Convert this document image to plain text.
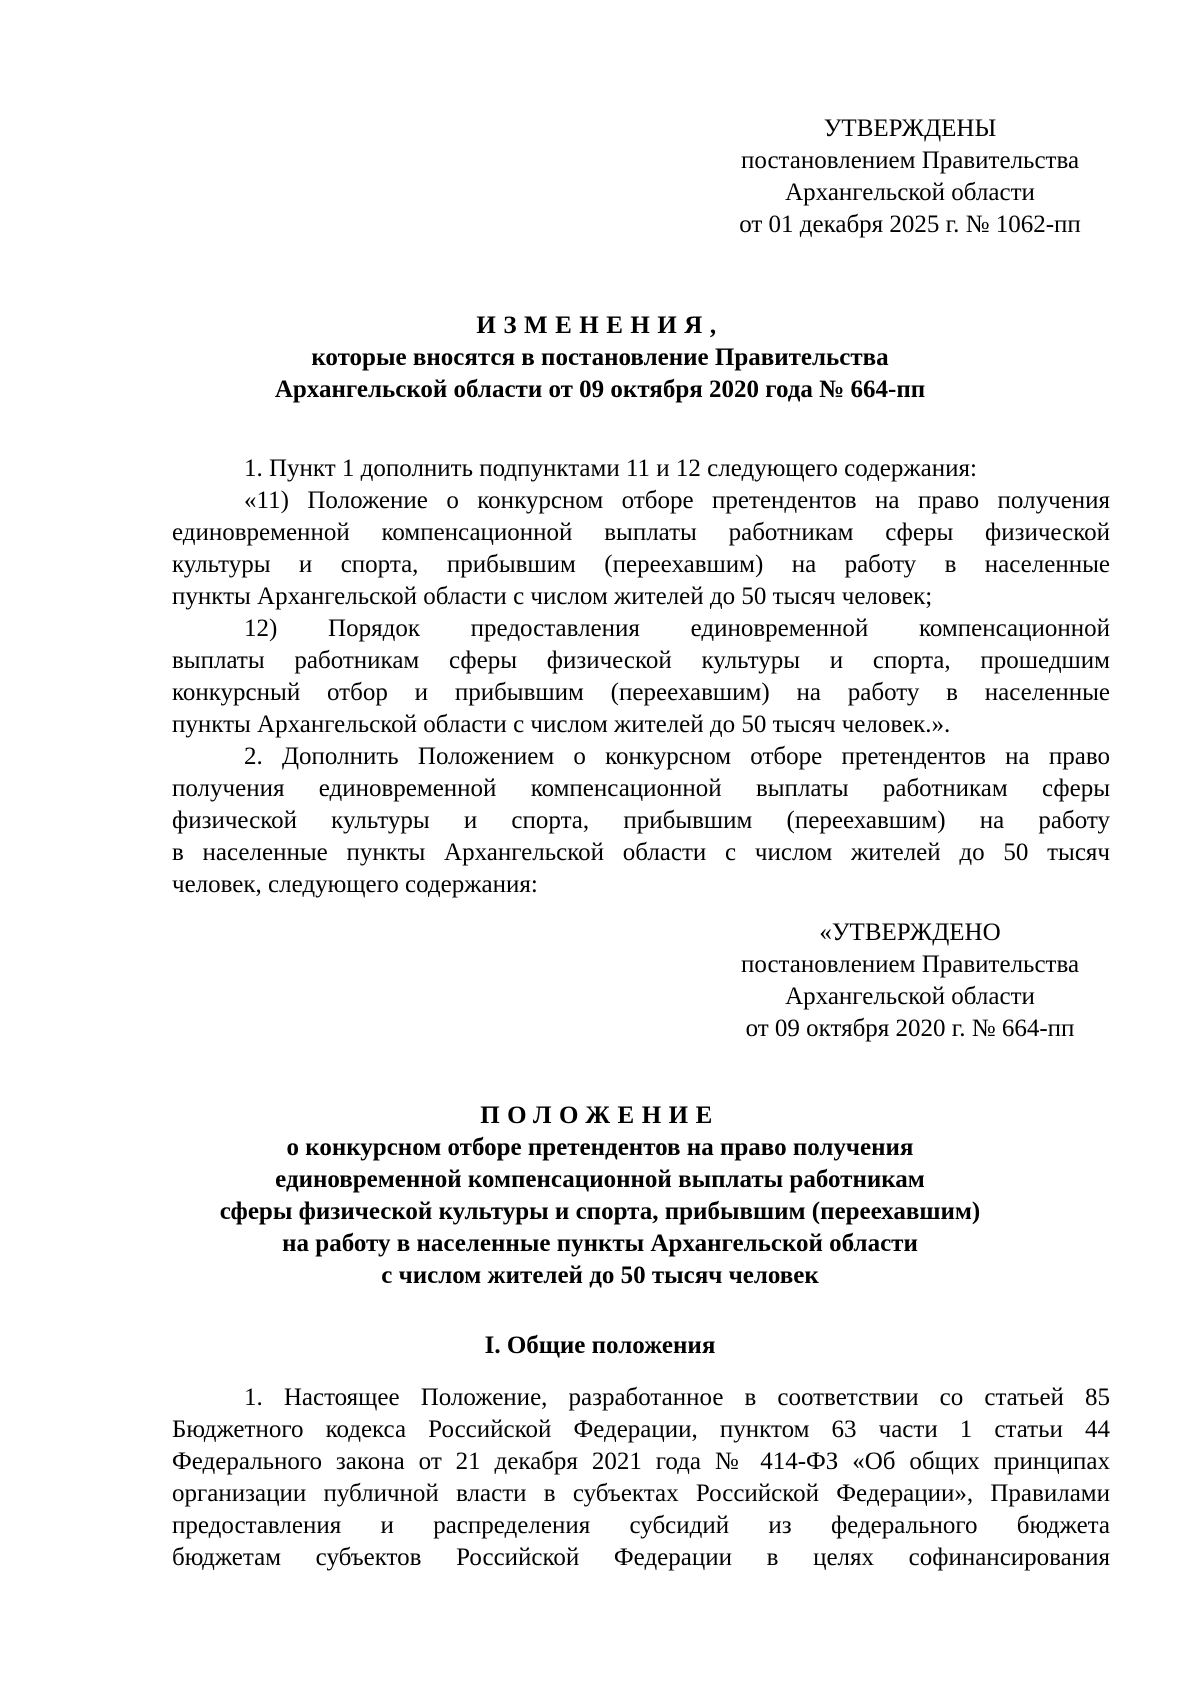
УТВЕРЖДЕНЫ
постановлением Правительства
Архангельской области
от 01 декабря 2025 г. № 1062-пп
ИЗМЕНЕНИЯ,
которые вносятся в постановление Правительства
Архангельской области от 09 октября 2020 года № 664-пп
1. Пункт 1 дополнить подпунктами 11 и 12 следующего содержания:
«11) Положение о конкурсном отборе претендентов на право получения
единовременной компенсационной выплаты работникам сферы физической
культуры и спорта, прибывшим (переехавшим) на работу в населенные
пункты Архангельской области с числом жителей до 50 тысяч человек;
12) Порядок предоставления единовременной компенсационной
выплаты работникам сферы физической культуры и спорта, прошедшим
конкурсный отбор и прибывшим (переехавшим) на работу в населенные
пункты Архангельской области с числом жителей до 50 тысяч человек.».
2. Дополнить Положением о конкурсном отборе претендентов на право
получения единовременной компенсационной выплаты работникам сферы
физической культуры и спорта, прибывшим (переехавшим) на работу
в населенные пункты Архангельской области с числом жителей до 50 тысяч
человек, следующего содержания:
«УТВЕРЖДЕНО
постановлением Правительства
Архангельской области
от 09 октября 2020 г. № 664-пп
ПОЛОЖЕНИЕ
о конкурсном отборе претендентов на право получения
единовременной компенсационной выплаты работникам
сферы физической культуры и спорта, прибывшим (переехавшим)
на работу в населенные пункты Архангельской области
с числом жителей до 50 тысяч человек
I. Общие положения
1. Настоящее Положение, разработанное в соответствии со статьей 85
Бюджетного кодекса Российской Федерации, пунктом 63 части 1 статьи 44
Федерального закона от 21 декабря 2021 года № 414-ФЗ «Об общих принципах
организации публичной власти в субъектах Российской Федерации», Правилами
предоставления и распределения субсидий из федерального бюджета
бюджетам субъектов Российской Федерации в целях софинансирования
